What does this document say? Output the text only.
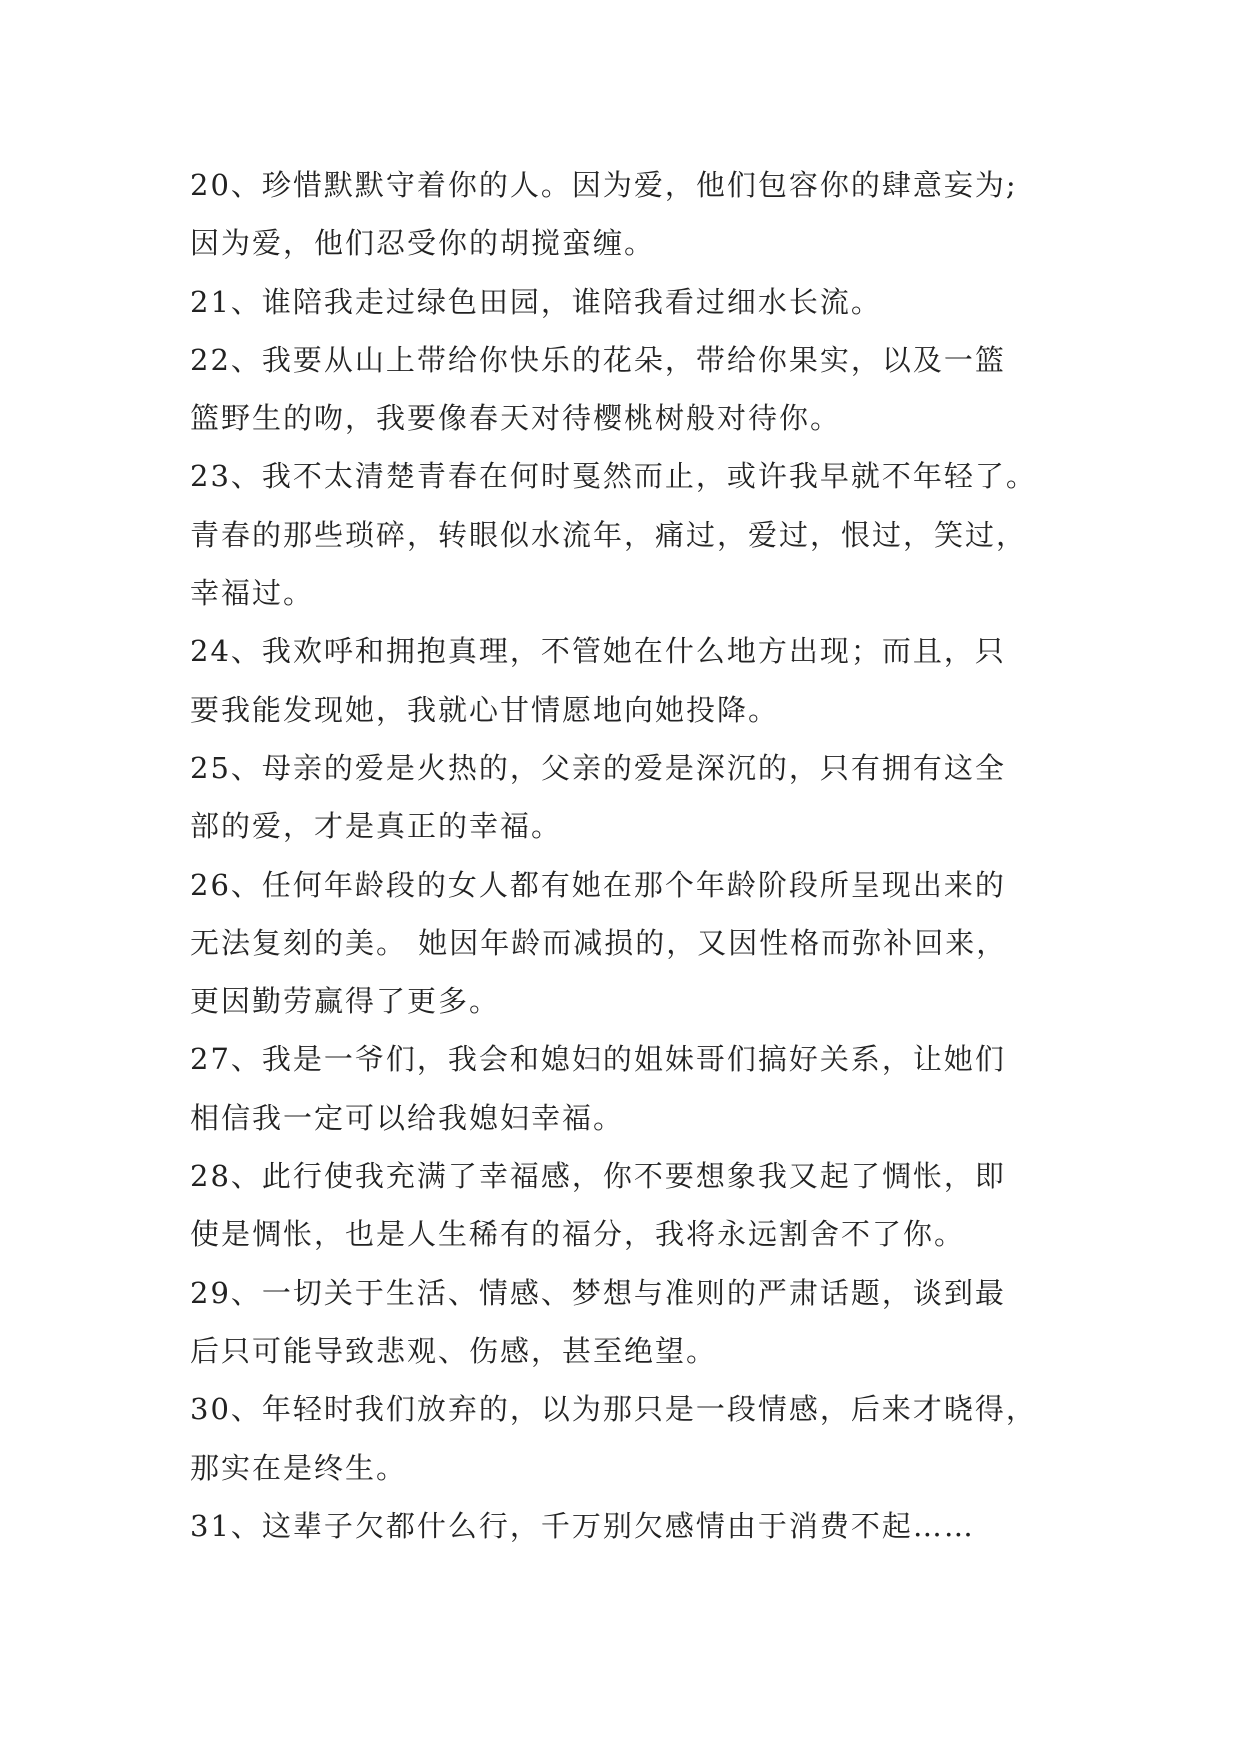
20、珍惜默默守着你的人。因为爱，他们包容你的肆意妄为;
因为爱，他们忍受你的胡搅蛮缠。

21、谁陪我走过绿色田园，谁陪我看过细水长流。

22、我要从山上带给你快乐的花朵，带给你果实，以及一篮
篮野生的吻，我要像春天对待樱桃树般对待你。

23、我不太清楚青春在何时戛然而止，或许我早就不年轻了。
青春的那些琐碎，转眼似水流年，痛过，爱过，恨过，笑过，
幸福过。

24、我欢呼和拥抱真理，不管她在什么地方出现；而且，只
要我能发现她，我就心甘情愿地向她投降。

25、母亲的爱是火热的，父亲的爱是深沉的，只有拥有这全
部的爱，才是真正的幸福。

26、任何年龄段的女人都有她在那个年龄阶段所呈现出来的
无法复刻的美。 她因年龄而减损的，又因性格而弥补回来，
更因勤劳赢得了更多。

27、我是一爷们，我会和媳妇的姐妹哥们搞好关系，让她们
相信我一定可以给我媳妇幸福。

28、此行使我充满了幸福感，你不要想象我又起了惆怅，即
使是惆怅，也是人生稀有的福分，我将永远割舍不了你。

29、一切关于生活、情感、梦想与准则的严肃话题，谈到最
后只可能导致悲观、伤感，甚至绝望。

30、年轻时我们放弃的，以为那只是一段情感，后来才晓得，
那实在是终生。

31、这辈子欠都什么行，千万别欠感情由于消费不起……
